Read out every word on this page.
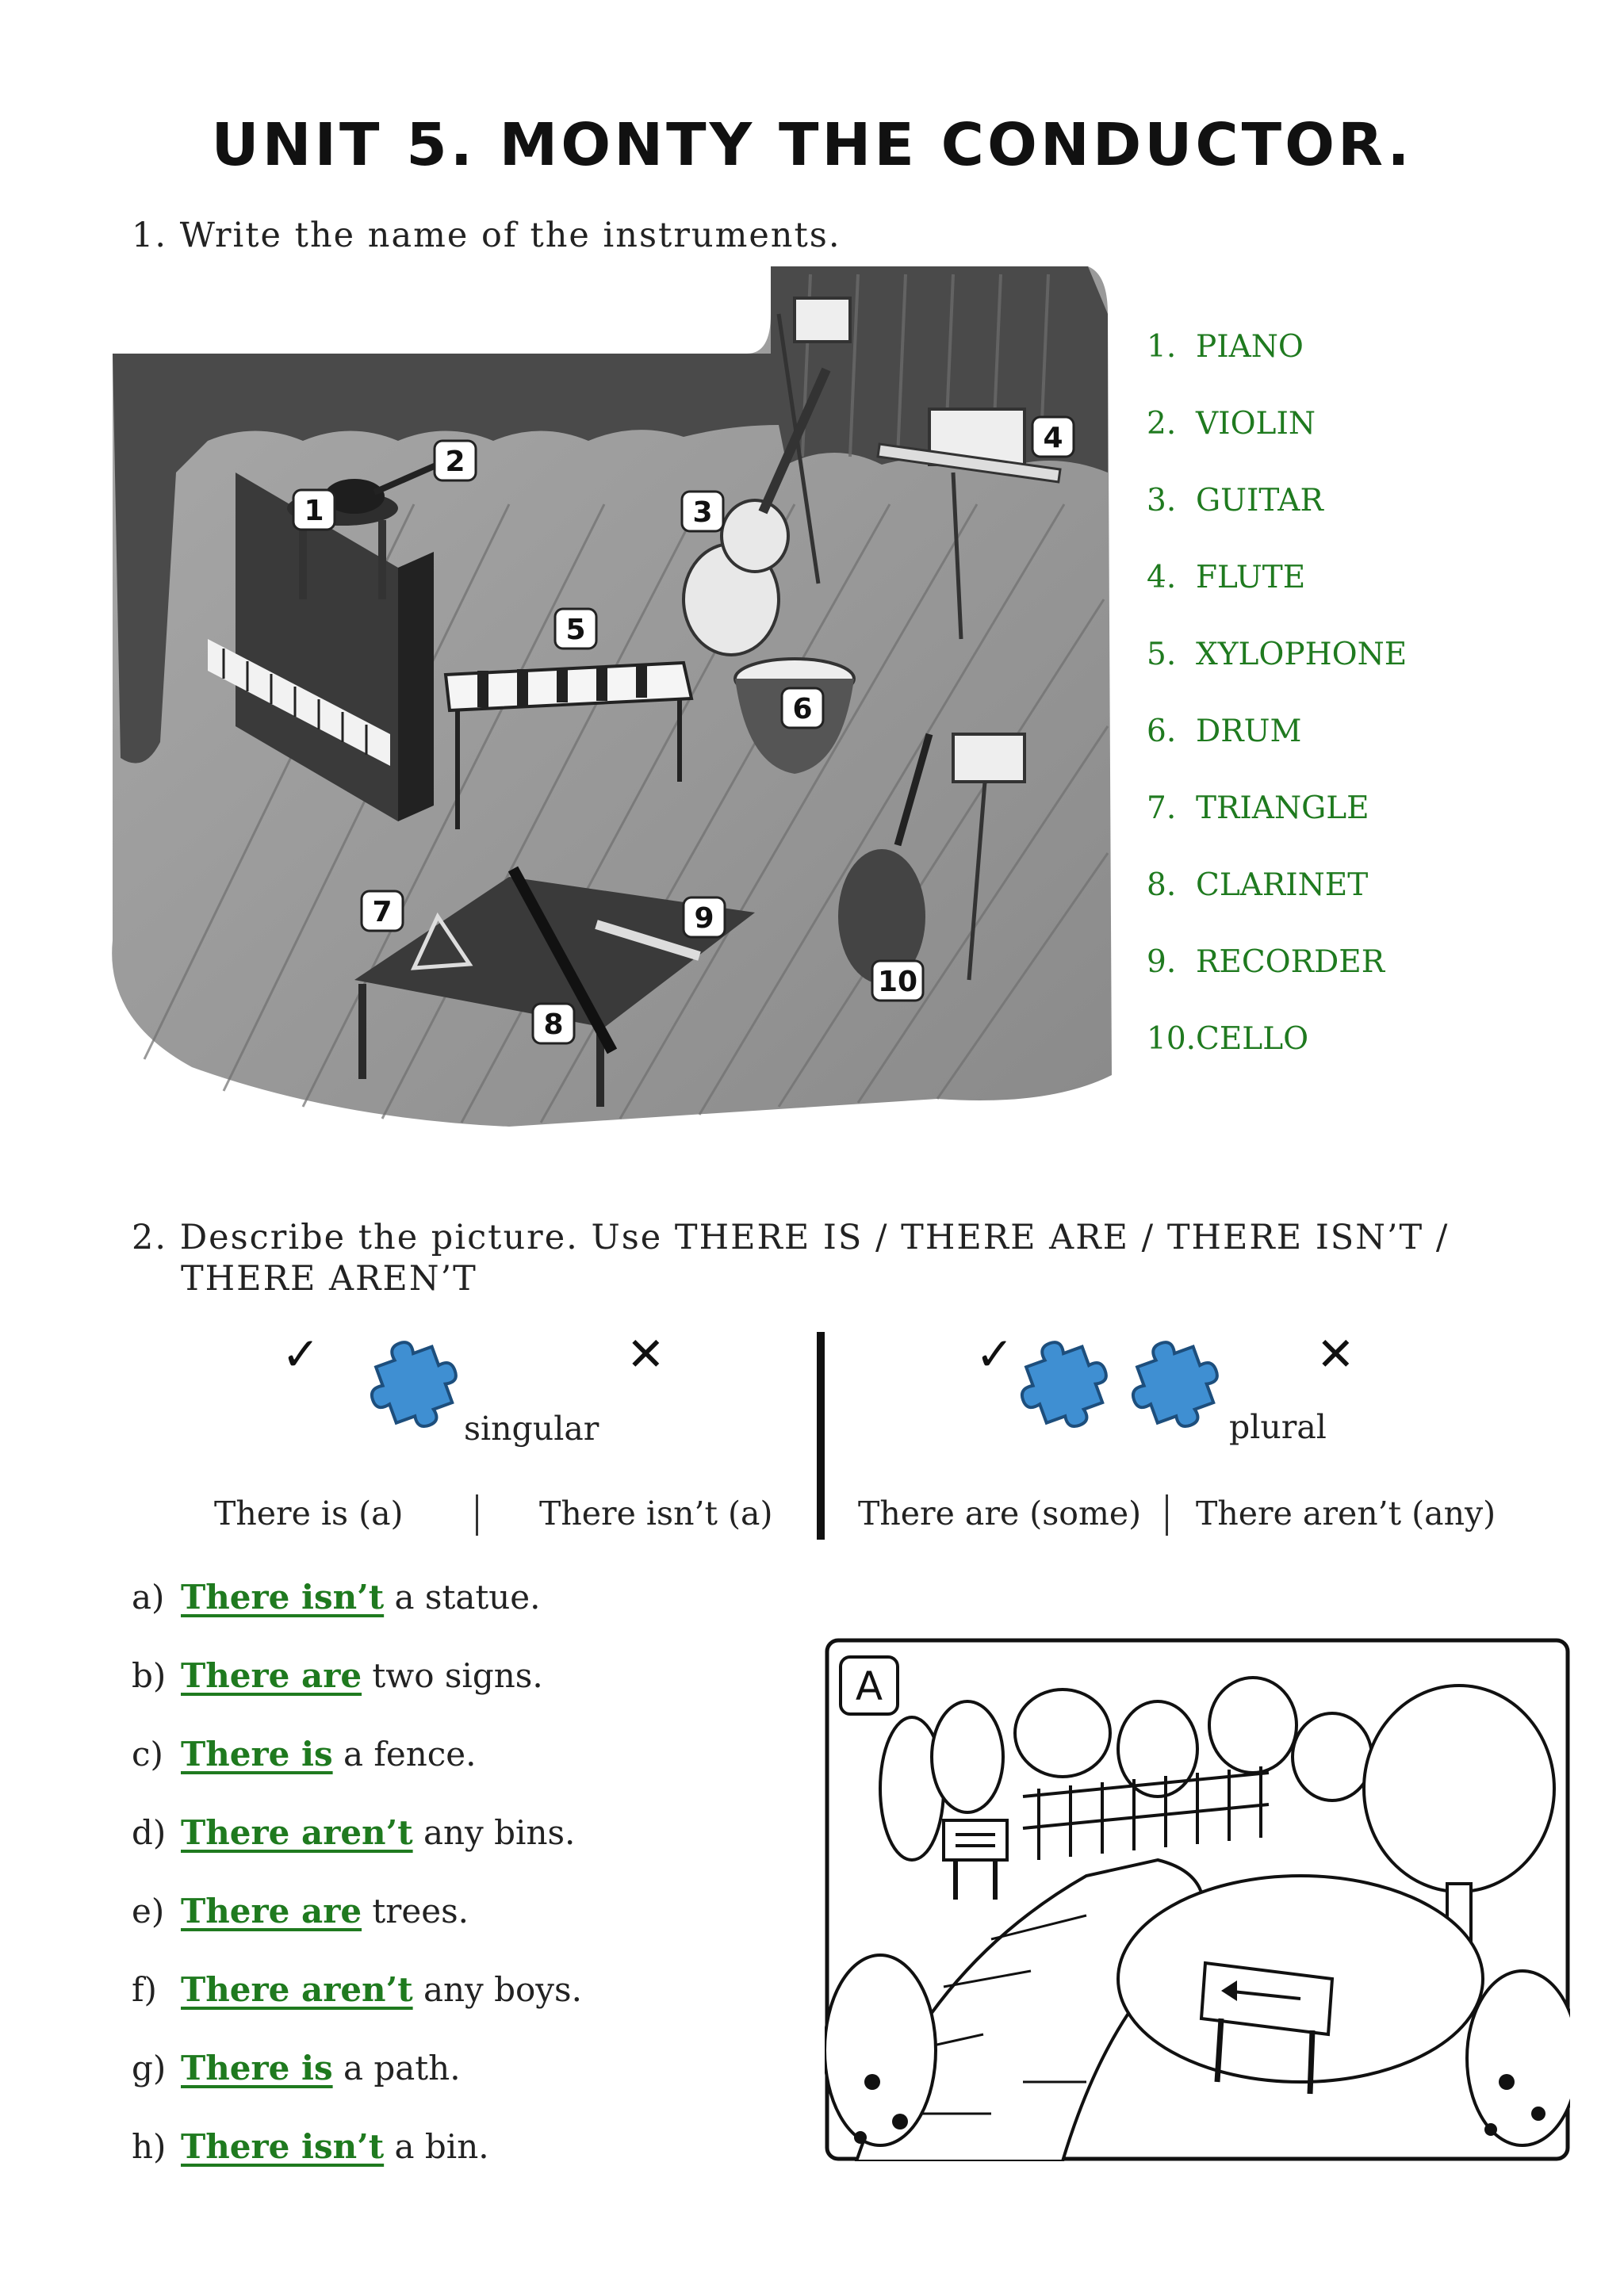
UNIT 5. MONTY THE CONDUCTOR.
1. Write the name of the instruments.
1
2
3
4
5
6
7
8
9
10
1. PIANO
2. VIOLIN
3. GUITAR
4. FLUTE
5. XYLOPHONE
6. DRUM
7. TRIANGLE
8. CLARINET
9. RECORDER
10.CELLO
2. Describe the picture. Use THERE IS / THERE ARE / THERE ISN’T /
THERE AREN’T
✓	✕
singular
There is (a)	There isn’t (a)
✓	✕
plural
There are (some) There aren’t (any)
a) There isn’t a statue.
b) There are two signs.
c) There is a fence.
d) There aren’t any bins.
e) There are trees.
f) There aren’t any boys.
g) There is a path.
h) There isn’t a bin.
A
